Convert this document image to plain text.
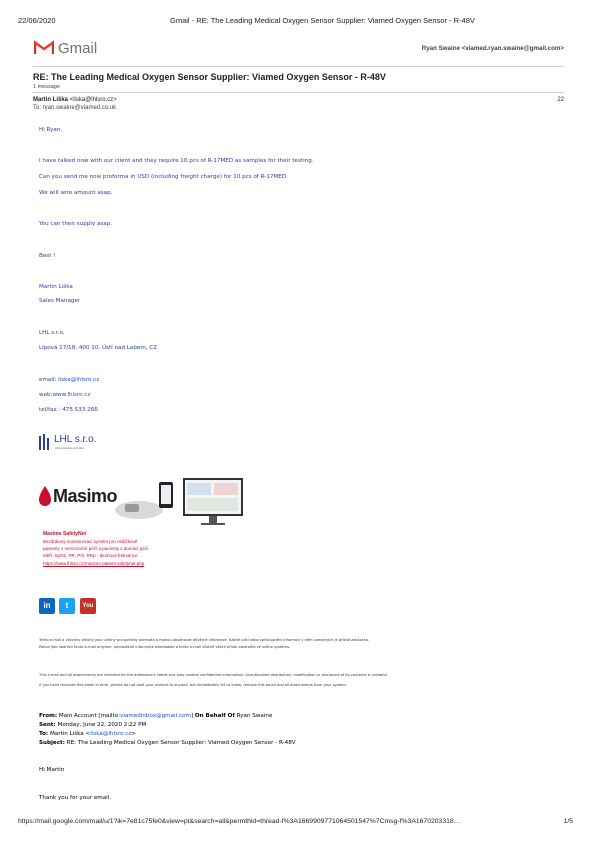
22/06/2020	Gmail - RE: The Leading Medical Oxygen Sensor Supplier: Viamed Oxygen Sensor - R-48V
Gmail	Ryan Swaine <viamed.ryan.swaine@gmail.com>
RE: The Leading Medical Oxygen Sensor Supplier: Viamed Oxygen Sensor - R-48V
1 message
Martin Liška <liska@lhlsro.cz>	22
To: ryan.swaine@viamed.co.uk
Hi Ryan,
I have talked now with our client and they require 10 pcs of R-17MED as samples for their testing.
Can you send me now proforma in USD (including freight charge) for 10 pcs of R-17MED.
We will wire amount asap.
You can then supply asap.
Best !
Martin Liška
Sales Manager
LHL s.r.o.
Lipová 17/18, 400 10, Ústí nad Labem, CZ
email: liska@lhlsro.cz
web:www.lhlsro.cz
tel/fax : 475 533 266
LHL s.r.o.
zdravotnická technika
Masimo
Masimo SafetyNet
Bezdrátový monitorovací systém pro nelůžkové
pacienty s nemocniční péčí a pacienty v domácí péči
Měří: SpO2, PR, PVi, RRp - dechová frekvence
https://www.lhlsro.cz/masimo-patient-safetynet.php
in	t	You
Tento e-mail a všechny přílohy jsou určeny pro potřeby adresáta a mohou obsahovat důvěrné informace. Každé užití nebo zpřístupnění informací v něm uvedených je přísně zakázáno.
Pokud jste obdrželi tento e-mail omylem, neprodleně informujte odesílatele a tento e-mail včetně všech příloh odstraňte ze svého systému.
This e-mail and all attachments are intended for the addressee's needs and may contain confidential information. Unauthorized distribution, modification or disclosure of its contents is unlawful.
If you have received this email in error, please do not post your content to anyone, but immediately let us know, remove this email and all attachments from your system.
From: Main Account [mailto:viamedinbox@gmail.com] On Behalf Of Ryan Swaine
Sent: Monday, June 22, 2020 2:22 PM
To: Martin Liška <liska@lhlsro.cz>
Subject: RE: The Leading Medical Oxygen Sensor Supplier: Viamed Oxygen Sensor - R-48V
Hi Martin
Thank you for your email.
https://mail.google.com/mail/u/1?ik=7e81c75fe0&view=pt&search=all&permthid=thread-f%3A1669909771064501547%7Cmsg-f%3A1670203318…	1/5
